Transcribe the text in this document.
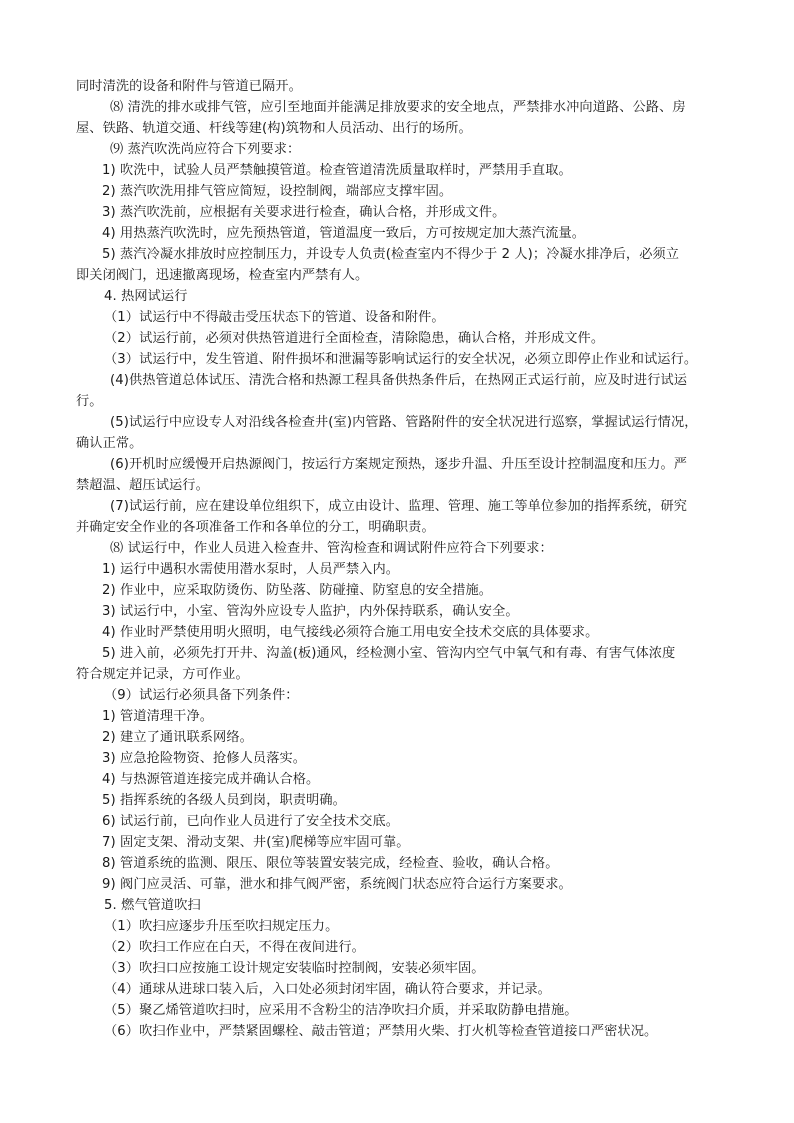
同时清洗的设备和附件与管道已隔开。
⑻ 清洗的排水或排气管，应引至地面并能满足排放要求的安全地点，严禁排水冲向道路、公路、房
屋、铁路、轨道交通、杆线等建(构)筑物和人员活动、出行的场所。
⑼ 蒸汽吹洗尚应符合下列要求：
1) 吹洗中，试验人员严禁触摸管道。检查管道清洗质量取样时，严禁用手直取。
2) 蒸汽吹洗用排气管应简短，设控制阀，端部应支撑牢固。
3) 蒸汽吹洗前，应根据有关要求进行检查，确认合格，并形成文件。
4) 用热蒸汽吹洗时，应先预热管道，管道温度一致后，方可按规定加大蒸汽流量。
5) 蒸汽冷凝水排放时应控制压力，并设专人负责(检查室内不得少于 2 人)；冷凝水排净后，必须立
即关闭阀门，迅速撤离现场，检查室内严禁有人。
4. 热网试运行
（1）试运行中不得敲击受压状态下的管道、设备和附件。
（2）试运行前，必须对供热管道进行全面检查，清除隐患，确认合格，并形成文件。
（3）试运行中，发生管道、附件损坏和泄漏等影响试运行的安全状况，必须立即停止作业和试运行。
(4)供热管道总体试压、清洗合格和热源工程具备供热条件后，在热网正式运行前，应及时进行试运
行。
(5)试运行中应设专人对沿线各检查井(室)内管路、管路附件的安全状况进行巡察，掌握试运行情况，
确认正常。
(6)开机时应缓慢开启热源阀门，按运行方案规定预热，逐步升温、升压至设计控制温度和压力。严
禁超温、超压试运行。
(7)试运行前，应在建设单位组织下，成立由设计、监理、管理、施工等单位参加的指挥系统，研究
并确定安全作业的各项准备工作和各单位的分工，明确职责。
⑻ 试运行中，作业人员进入检查井、管沟检查和调试附件应符合下列要求：
1) 运行中遇积水需使用潜水泵时，人员严禁入内。
2) 作业中，应采取防烫伤、防坠落、防碰撞、防窒息的安全措施。
3) 试运行中，小室、管沟外应设专人监护，内外保持联系，确认安全。
4) 作业时严禁使用明火照明，电气接线必须符合施工用电安全技术交底的具体要求。
5) 进入前，必须先打开井、沟盖(板)通风，经检测小室、管沟内空气中氧气和有毒、有害气体浓度
符合规定并记录，方可作业。
（9）试运行必须具备下列条件：
1) 管道清理干净。
2) 建立了通讯联系网络。
3) 应急抢险物资、抢修人员落实。
4) 与热源管道连接完成并确认合格。
5) 指挥系统的各级人员到岗，职责明确。
6) 试运行前，已向作业人员进行了安全技术交底。
7) 固定支架、滑动支架、井(室)爬梯等应牢固可靠。
8) 管道系统的监测、限压、限位等装置安装完成，经检查、验收，确认合格。
9) 阀门应灵活、可靠，泄水和排气阀严密，系统阀门状态应符合运行方案要求。
5. 燃气管道吹扫
（1）吹扫应逐步升压至吹扫规定压力。
（2）吹扫工作应在白天，不得在夜间进行。
（3）吹扫口应按施工设计规定安装临时控制阀，安装必须牢固。
（4）通球从进球口装入后，入口处必须封闭牢固，确认符合要求，并记录。
（5）聚乙烯管道吹扫时，应采用不含粉尘的洁净吹扫介质，并采取防静电措施。
（6）吹扫作业中，严禁紧固螺栓、敲击管道；严禁用火柴、打火机等检查管道接口严密状况。
